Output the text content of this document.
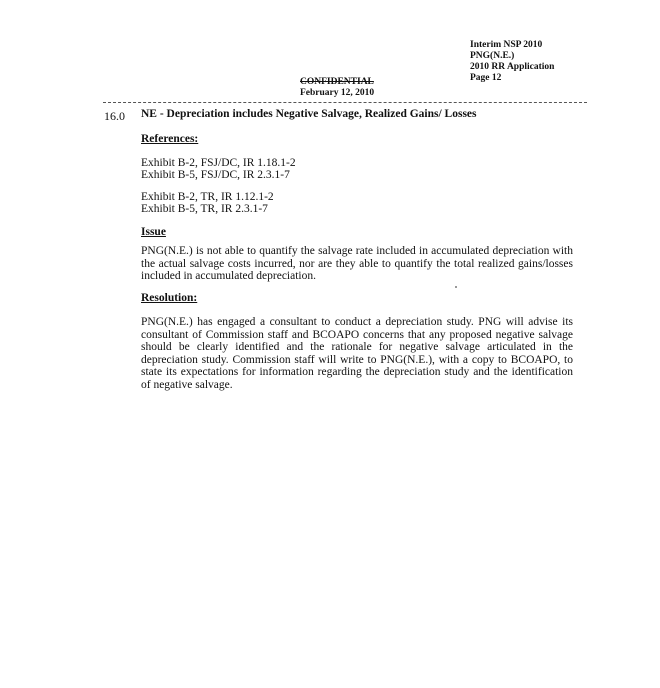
Interim NSP 2010
PNG(N.E.)
2010 RR Application
Page 12
CONFIDENTIAL
February 12, 2010
16.0 NE - Depreciation includes Negative Salvage, Realized Gains/ Losses
References:
Exhibit B-2, FSJ/DC, IR 1.18.1-2
Exhibit B-5, FSJ/DC, IR 2.3.1-7
Exhibit B-2, TR, IR 1.12.1-2
Exhibit B-5, TR, IR 2.3.1-7
Issue
PNG(N.E.) is not able to quantify the salvage rate included in accumulated depreciation with the actual salvage costs incurred, nor are they able to quantify the total realized gains/losses included in accumulated depreciation.
Resolution:
PNG(N.E.) has engaged a consultant to conduct a depreciation study. PNG will advise its consultant of Commission staff and BCOAPO concerns that any proposed negative salvage should be clearly identified and the rationale for negative salvage articulated in the depreciation study. Commission staff will write to PNG(N.E.), with a copy to BCOAPO, to state its expectations for information regarding the depreciation study and the identification of negative salvage.
